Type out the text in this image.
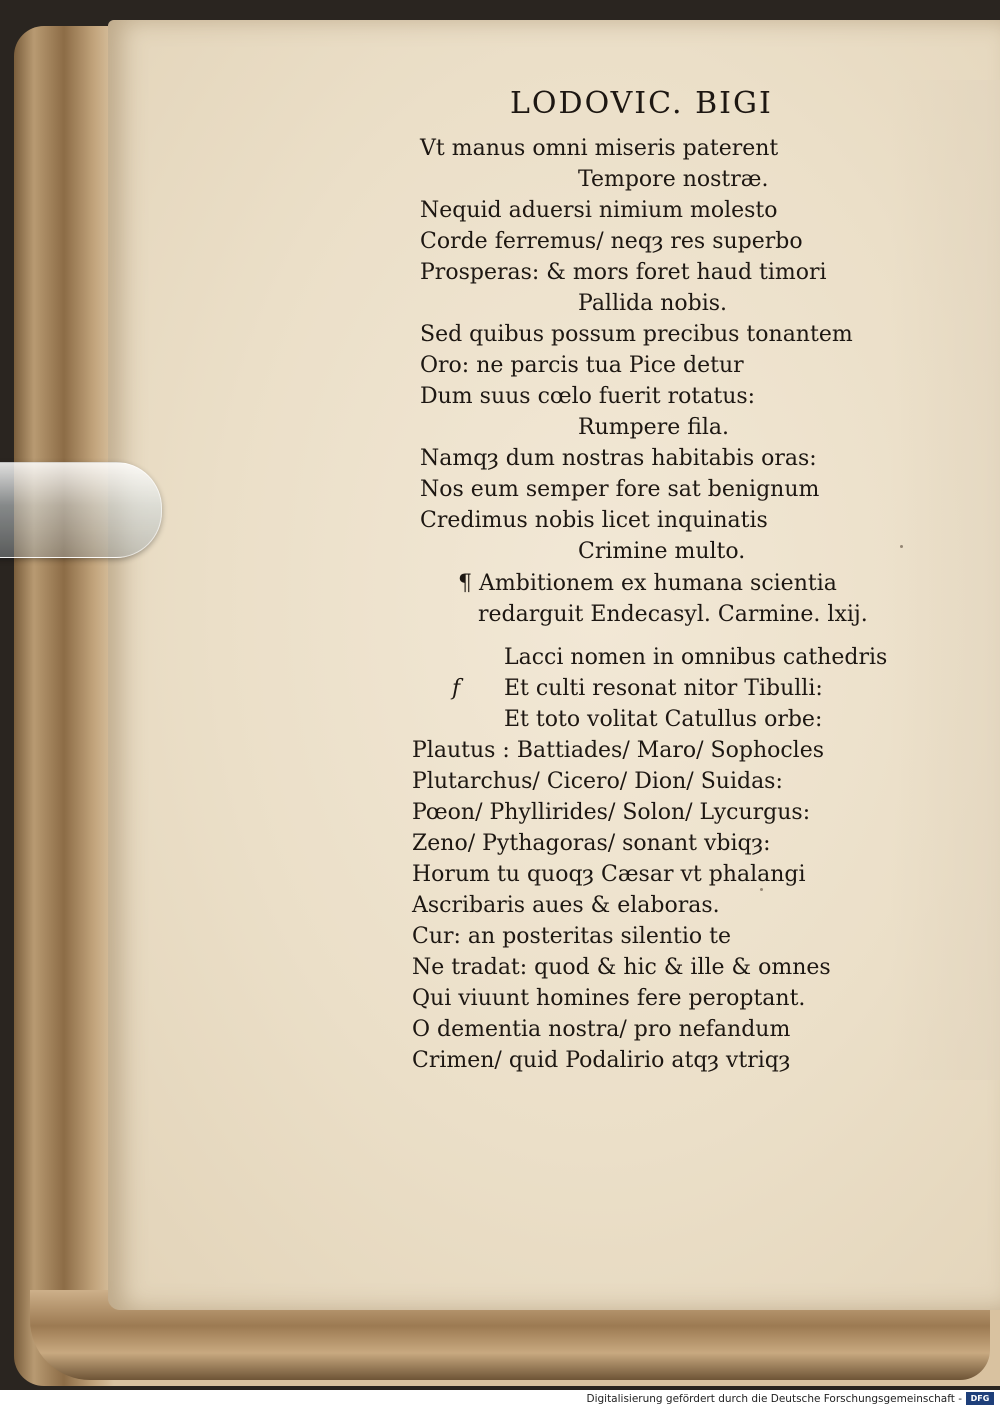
LODOVIC. BIGI
Vt manus omni miseris paterent
Tempore nostræ.
Nequid aduersi nimium molesto
Corde ferremus/ neqȝ res superbo
Prosperas: & mors foret haud timori
Pallida nobis.
Sed quibus possum precibus tonantem
Oro: ne parcis tua Pice detur
Dum suus cœlo fuerit rotatus:
Rumpere fila.
Namqȝ dum nostras habitabis oras:
Nos eum semper fore sat benignum
Credimus nobis licet inquinatis
Crimine multo.
¶ Ambitionem ex humana scientia
redarguit Endecasyl. Carmine. lxij.
f
Lacci nomen in omnibus cathedris
Et culti resonat nitor Tibulli:
Et toto volitat Catullus orbe:
Plautus : Battiades/ Maro/ Sophocles
Plutarchus/ Cicero/ Dion/ Suidas:
Pœon/ Phyllirides/ Solon/ Lycurgus:
Zeno/ Pythagoras/ sonant vbiqȝ:
Horum tu quoqȝ Cæsar vt phalangi
Ascribaris aues & elaboras.
Cur: an posteritas silentio te
Ne tradat: quod & hic & ille & omnes
Qui viuunt homines fere peroptant.
O dementia nostra/ pro nefandum
Crimen/ quid Podalirio atqȝ vtriqȝ
Digitalisierung gefördert durch die Deutsche Forschungsgemeinschaft -	DFG
